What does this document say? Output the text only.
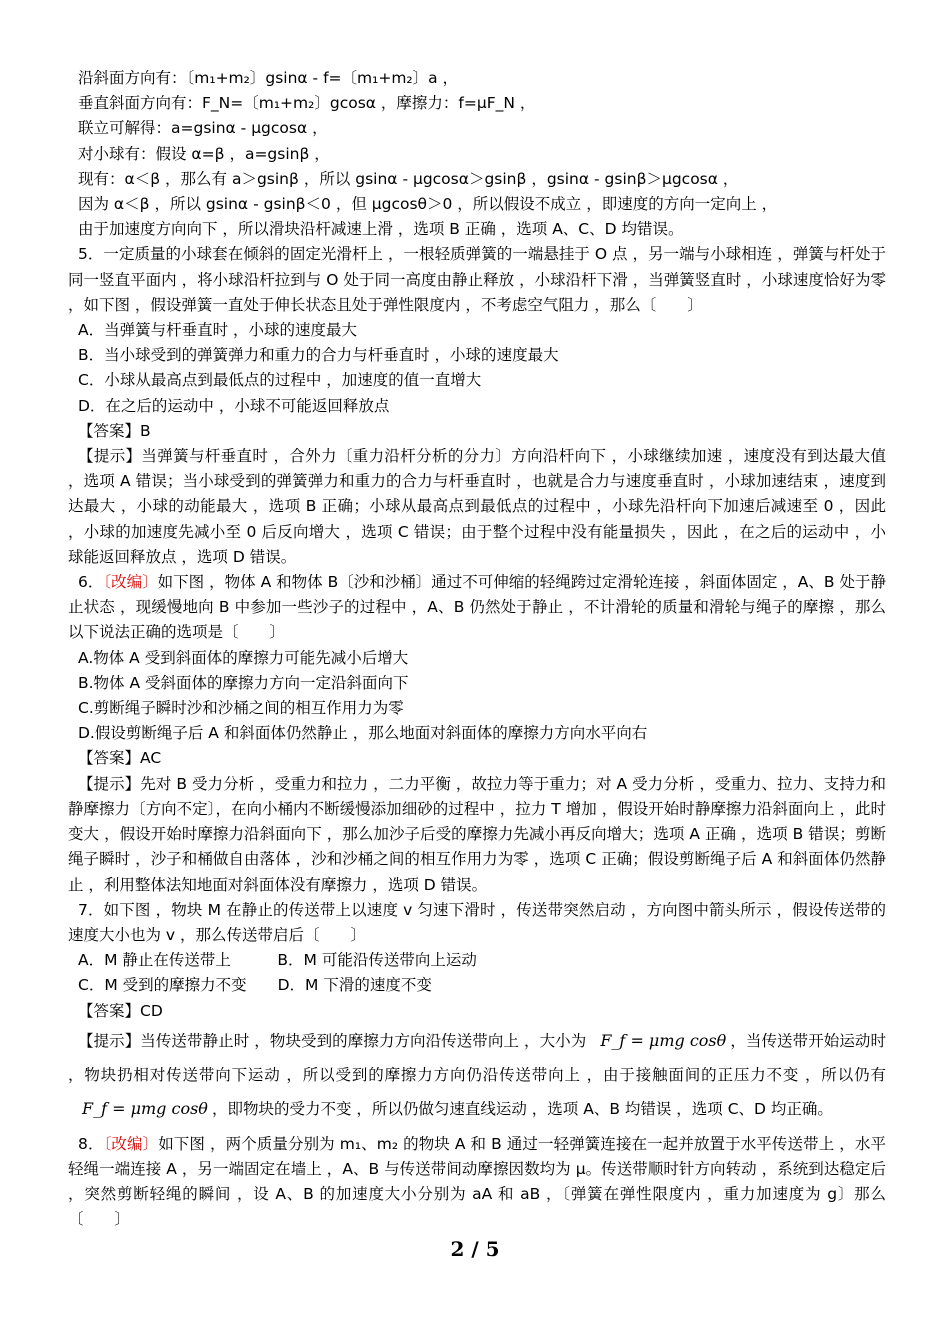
沿斜面方向有：〔m₁+m₂〕gsinα - f=〔m₁+m₂〕a ，

垂直斜面方向有：F_N=〔m₁+m₂〕gcosα ，摩擦力：f=μF_N ，

联立可解得：a=gsinα - μgcosα ，

对小球有：假设 α=β ，a=gsinβ ，

现有：α＜β ，那么有 a＞gsinβ ，所以 gsinα - μgcosα＞gsinβ ，gsinα - gsinβ＞μgcosα ，

因为 α＜β ，所以 gsinα - gsinβ＜0 ，但 μgcosθ＞0 ，所以假设不成立 ，即速度的方向一定向上 ，

由于加速度方向向下 ，所以滑块沿杆减速上滑 ，选项 B 正确 ，选项 A、C、D 均错误。

5．一定质量的小球套在倾斜的固定光滑杆上 ，一根轻质弹簧的一端悬挂于 O 点 ，另一端与小球相连 ，弹簧与杆处于同一竖直平面内 ，将小球沿杆拉到与 O 处于同一高度由静止释放 ，小球沿杆下滑 ，当弹簧竖直时 ，小球速度恰好为零 ，如下图 ，假设弹簧一直处于伸长状态且处于弹性限度内 ，不考虑空气阻力 ，那么〔　　〕

A．当弹簧与杆垂直时 ，小球的速度最大

B．当小球受到的弹簧弹力和重力的合力与杆垂直时 ，小球的速度最大

C．小球从最高点到最低点的过程中 ，加速度的值一直增大

D．在之后的运动中 ，小球不可能返回释放点

【答案】B

【提示】当弹簧与杆垂直时 ，合外力〔重力沿杆分析的分力〕方向沿杆向下 ，小球继续加速 ，速度没有到达最大值 ，选项 A 错误；当小球受到的弹簧弹力和重力的合力与杆垂直时 ，也就是合力与速度垂直时 ，小球加速结束 ，速度到达最大 ，小球的动能最大 ，选项 B 正确；小球从最高点到最低点的过程中 ，小球先沿杆向下加速后减速至 0 ，因此 ，小球的加速度先减小至 0 后反向增大 ，选项 C 错误；由于整个过程中没有能量损失 ，因此 ，在之后的运动中 ，小球能返回释放点 ，选项 D 错误。

6．〔改编〕如下图 ，物体 A 和物体 B〔沙和沙桶〕通过不可伸缩的轻绳跨过定滑轮连接 ，斜面体固定 ，A、B 处于静止状态 ，现缓慢地向 B 中参加一些沙子的过程中 ，A、B 仍然处于静止 ，不计滑轮的质量和滑轮与绳子的摩擦 ，那么以下说法正确的选项是〔　　〕

A.物体 A 受到斜面体的摩擦力可能先减小后增大

B.物体 A 受斜面体的摩擦力方向一定沿斜面向下

C.剪断绳子瞬时沙和沙桶之间的相互作用力为零

D.假设剪断绳子后 A 和斜面体仍然静止 ，那么地面对斜面体的摩擦力方向水平向右

【答案】AC

【提示】先对 B 受力分析 ，受重力和拉力 ，二力平衡 ，故拉力等于重力；对 A 受力分析 ，受重力、拉力、支持力和静摩擦力〔方向不定〕，在向小桶内不断缓慢添加细砂的过程中 ，拉力 T 增加 ，假设开始时静摩擦力沿斜面向上 ，此时变大 ，假设开始时摩擦力沿斜面向下 ，那么加沙子后受的摩擦力先减小再反向增大；选项 A 正确 ，选项 B 错误；剪断绳子瞬时 ，沙子和桶做自由落体 ，沙和沙桶之间的相互作用力为零 ，选项 C 正确；假设剪断绳子后 A 和斜面体仍然静止 ，利用整体法知地面对斜面体没有摩擦力 ，选项 D 错误。

7．如下图 ，物块 M 在静止的传送带上以速度 v 匀速下滑时 ，传送带突然启动 ，方向图中箭头所示 ，假设传送带的速度大小也为 v ，那么传送带启后〔　　〕

A．M 静止在传送带上　　　B．M 可能沿传送带向上运动

C．M 受到的摩擦力不变　　D．M 下滑的速度不变

【答案】CD

【提示】当传送带静止时 ，物块受到的摩擦力方向沿传送带向上 ，大小为 F_f = μmg cosθ ，当传送带开始运动时 ，物块扔相对传送带向下运动 ，所以受到的摩擦力方向仍沿传送带向上 ，由于接触面间的正压力不变 ，所以仍有F_f = μmg cosθ ，即物块的受力不变 ，所以仍做匀速直线运动 ，选项 A、B 均错误 ，选项 C、D 均正确。

8．〔改编〕如下图 ，两个质量分别为 m₁、m₂ 的物块 A 和 B 通过一轻弹簧连接在一起并放置于水平传送带上 ，水平轻绳一端连接 A ，另一端固定在墙上 ，A、B 与传送带间动摩擦因数均为 μ。传送带顺时针方向转动 ，系统到达稳定后 ，突然剪断轻绳的瞬间 ，设 A、B 的加速度大小分别为 aA 和 aB ，〔弹簧在弹性限度内 ，重力加速度为 g〕那么〔　　〕

2 / 5
